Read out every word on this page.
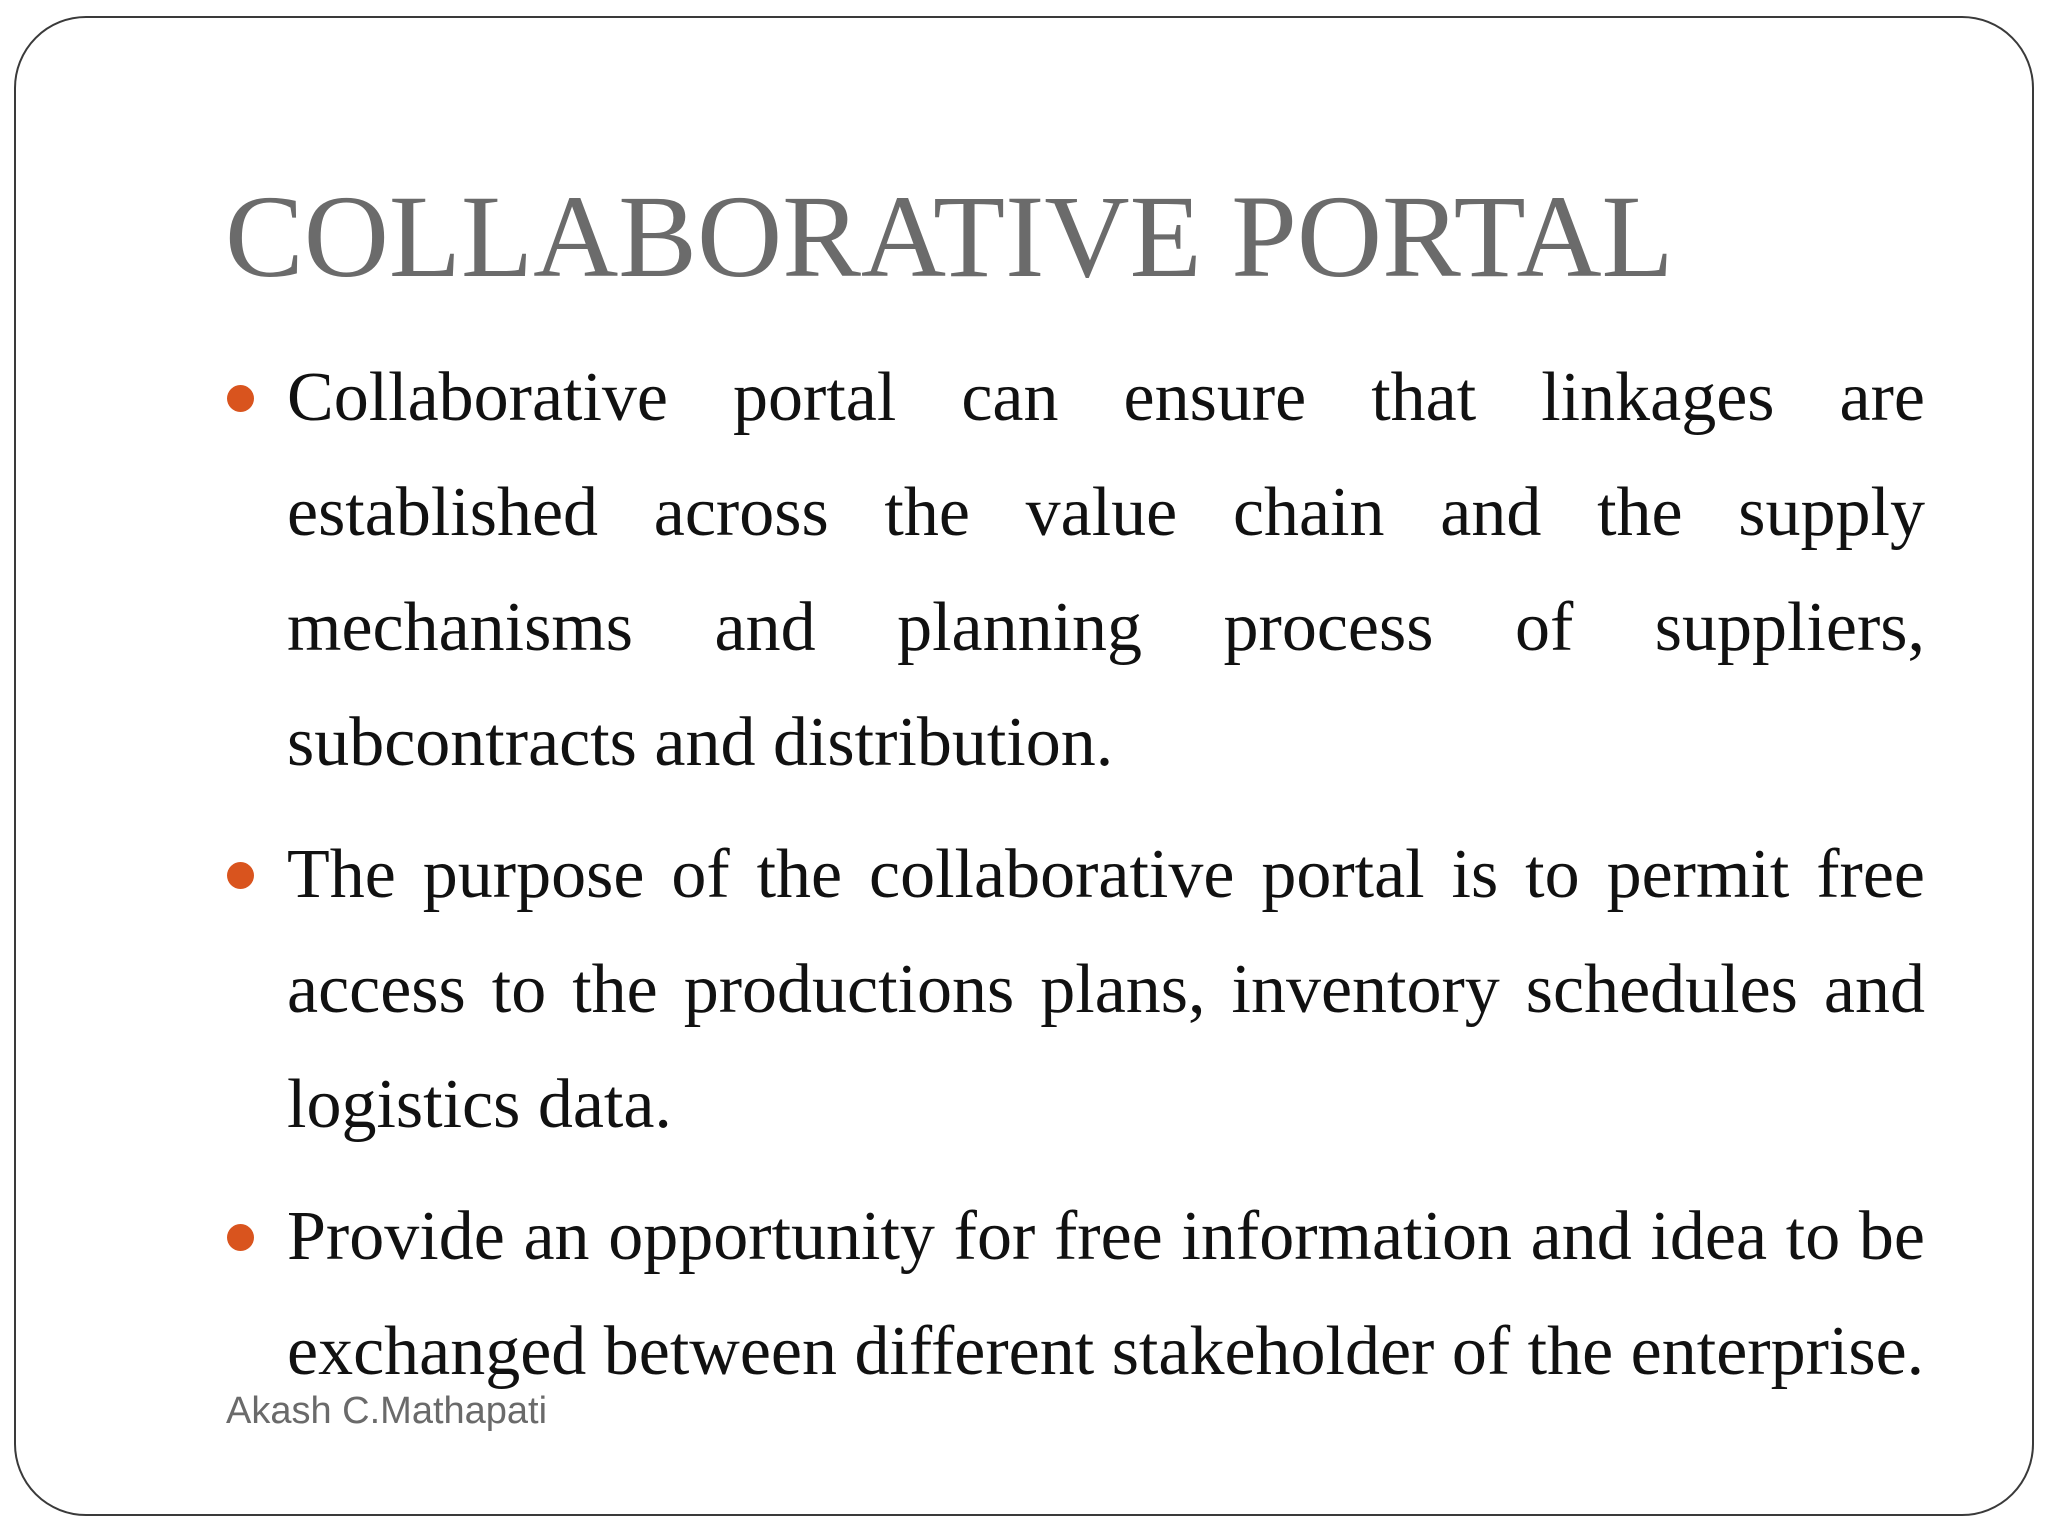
COLLABORATIVE PORTAL
Collaborative portal can ensure that linkages are established across the value chain and the supply mechanisms and planning process of suppliers, subcontracts and distribution.
The purpose of the collaborative portal is to permit free access to the productions plans, inventory schedules and logistics data.
Provide an opportunity for free information and idea to be exchanged between different stakeholder of the enterprise.
Akash C.Mathapati
